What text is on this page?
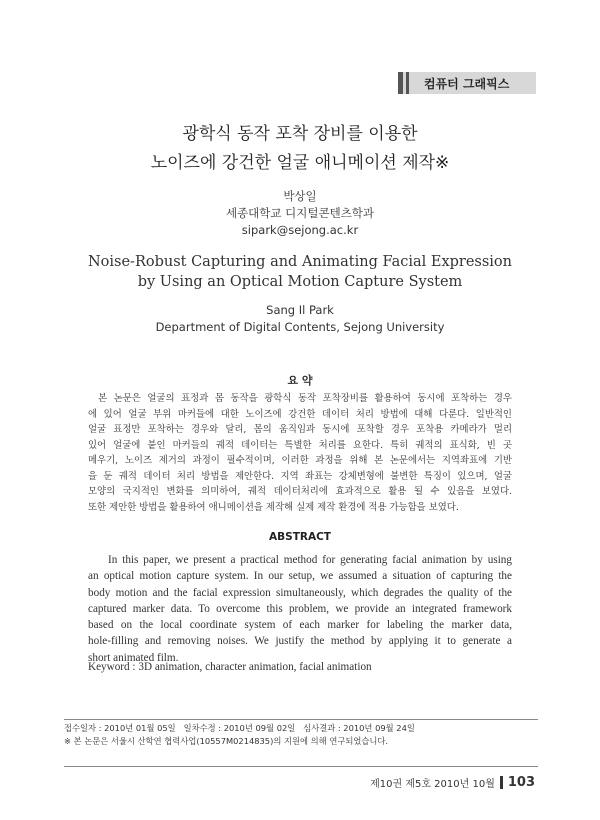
컴퓨터 그래픽스
광학식 동작 포착 장비를 이용한
노이즈에 강건한 얼굴 애니메이션 제작※
박상일
세종대학교 디지털콘텐츠학과
sipark@sejong.ac.kr
Noise-Robust Capturing and Animating Facial Expression
by Using an Optical Motion Capture System
Sang Il Park
Department of Digital Contents, Sejong University
요 약
본 논문은 얼굴의 표정과 몸 동작을 광학식 동작 포착장비를 활용하여 동시에 포착하는 경우
에 있어 얼굴 부위 마커들에 대한 노이즈에 강건한 데이터 처리 방법에 대해 다룬다. 일반적인
얼굴 표정만 포착하는 경우와 달리, 몸의 움직임과 동시에 포착할 경우 포착용 카메라가 멀리
있어 얼굴에 붙인 마커들의 궤적 데이터는 특별한 처리를 요한다. 특히 궤적의 표식화, 빈 곳
메우기, 노이즈 제거의 과정이 필수적이며, 이러한 과정을 위해 본 논문에서는 지역좌표에 기반
을 둔 궤적 데이터 처리 방법을 제안한다. 지역 좌표는 강체변형에 불변한 특징이 있으며, 얼굴
모양의 국지적인 변화를 의미하여, 궤적 데이터처리에 효과적으로 활용 될 수 있음을 보였다.
또한 제안한 방법을 활용하여 애니메이션을 제작해 실제 제작 환경에 적용 가능함을 보였다.
ABSTRACT
In this paper, we present a practical method for generating facial animation by using
an optical motion capture system. In our setup, we assumed a situation of capturing the
body motion and the facial expression simultaneously, which degrades the quality of the
captured marker data. To overcome this problem, we provide an integrated framework
based on the local coordinate system of each marker for labeling the marker data,
hole-filling and removing noises. We justify the method by applying it to generate a
short animated film.
Keyword : 3D animation, character animation, facial animation
접수일자 : 2010년 01월 05일   일차수정 : 2010년 09월 02일   심사결과 : 2010년 09월 24일
※ 본 논문은 서울시 산학연 협력사업(10557M0214835)의 지원에 의해 연구되었습니다.
제10권 제5호 2010년 10월 103
